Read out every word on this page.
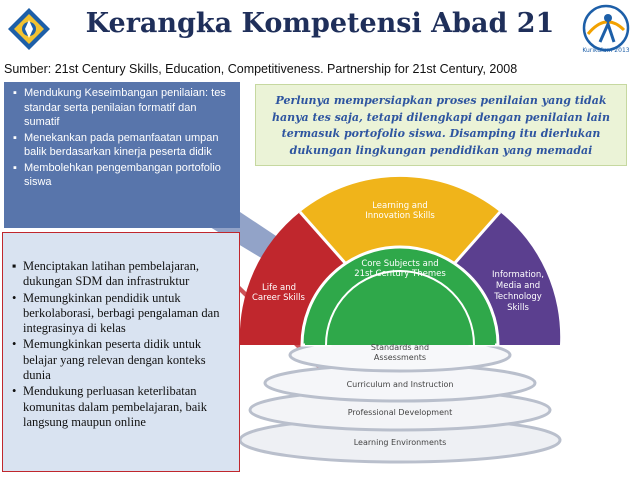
Life and
Career Skills
Learning and
Innovation Skills
Information,
Media and
Technology
Skills
Core Subjects and
21st Century Themes
Standards and
Assessments
Curriculum and Instruction
Professional Development
Learning Environments
Kurikulum 2013
Kerangka Kompetensi Abad 21
Sumber: 21st Century Skills, Education, Competitiveness. Partnership for 21st Century, 2008
▪ Mendukung Keseimbangan penilaian: tes standar serta penilaian formatif dan sumatif
▪ Menekankan pada pemanfaatan umpan balik berdasarkan kinerja peserta didik
▪ Membolehkan pengembangan portofolio siswa
Perlunya mempersiapkan proses penilaian yang tidak hanya tes saja, tetapi dilengkapi dengan penilaian lain termasuk portofolio siswa. Disamping itu dierlukan dukungan lingkungan pendidikan yang memadai
▪ Menciptakan latihan pembelajaran, dukungan SDM dan infrastruktur
• Memungkinkan pendidik untuk berkolaborasi, berbagi pengalaman dan integrasinya di kelas
• Memungkinkan peserta didik untuk belajar yang relevan dengan konteks dunia
• Mendukung perluasan keterlibatan komunitas dalam pembelajaran, baik langsung maupun online
